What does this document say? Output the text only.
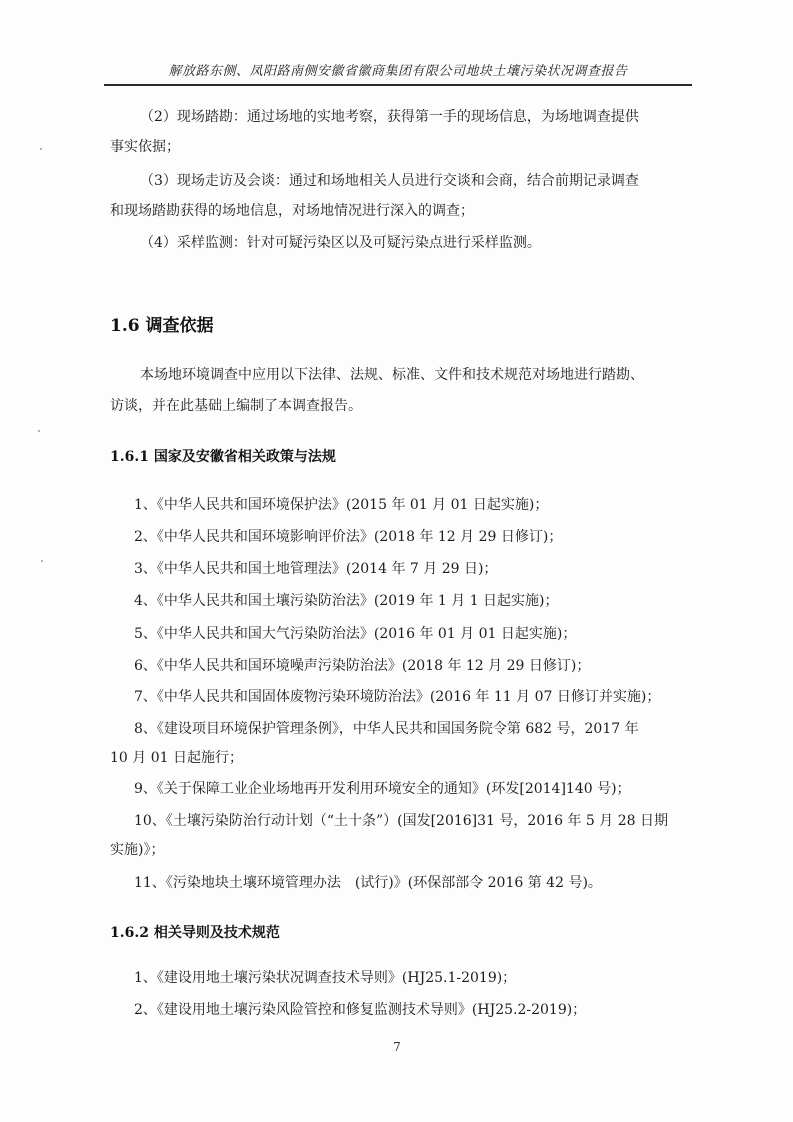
解放路东侧、凤阳路南侧安徽省徽商集团有限公司地块土壤污染状况调查报告
（2）现场踏勘：通过场地的实地考察，获得第一手的现场信息，为场地调查提供
事实依据；
（3）现场走访及会谈：通过和场地相关人员进行交谈和会商，结合前期记录调查
和现场踏勘获得的场地信息，对场地情况进行深入的调查；
（4）采样监测：针对可疑污染区以及可疑污染点进行采样监测。
1.6 调查依据
本场地环境调查中应用以下法律、法规、标准、文件和技术规范对场地进行踏勘、
访谈，并在此基础上编制了本调查报告。
1.6.1 国家及安徽省相关政策与法规
1、《中华人民共和国环境保护法》(2015 年 01 月 01 日起实施)；
2、《中华人民共和国环境影响评价法》(2018 年 12 月 29 日修订)；
3、《中华人民共和国土地管理法》(2014 年 7 月 29 日)；
4、《中华人民共和国土壤污染防治法》(2019 年 1 月 1 日起实施)；
5、《中华人民共和国大气污染防治法》(2016 年 01 月 01 日起实施)；
6、《中华人民共和国环境噪声污染防治法》(2018 年 12 月 29 日修订)；
7、《中华人民共和国固体废物污染环境防治法》(2016 年 11 月 07 日修订并实施)；
8、《建设项目环境保护管理条例》，中华人民共和国国务院令第 682 号，2017 年
10 月 01 日起施行；
9、《关于保障工业企业场地再开发利用环境安全的通知》(环发[2014]140 号)；
10、《土壤污染防治行动计划（“土十条”）(国发[2016]31 号，2016 年 5 月 28 日期
实施)》；
11、《污染地块土壤环境管理办法　(试行)》(环保部部令 2016 第 42 号)。
1.6.2 相关导则及技术规范
1、《建设用地土壤污染状况调查技术导则》(HJ25.1-2019)；
2、《建设用地土壤污染风险管控和修复监测技术导则》(HJ25.2-2019)；
7
